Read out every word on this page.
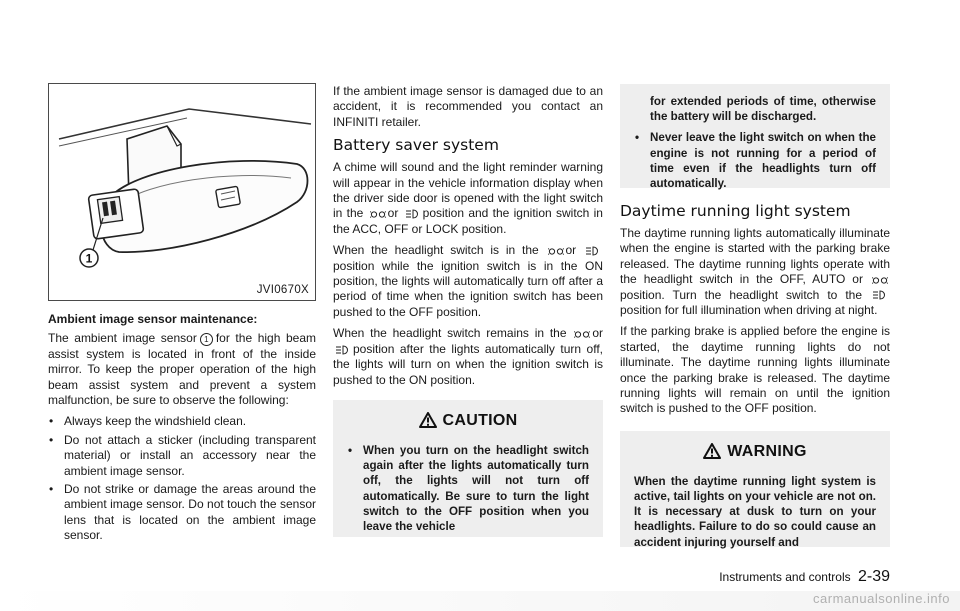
1
JVI0670X
Ambient image sensor maintenance:

The ambient image sensor 1 for the high beam assist system is located in front of the inside mirror. To keep the proper operation of the high beam assist system and prevent a system malfunction, be sure to observe the following:

• Always keep the windshield clean.
• Do not attach a sticker (including transparent material) or install an accessory near the ambient image sensor.
• Do not strike or damage the areas around the ambient image sensor. Do not touch the sensor lens that is located on the ambient image sensor.

If the ambient image sensor is damaged due to an accident, it is recommended you contact an INFINITI retailer.

Battery saver system

A chime will sound and the light reminder warning will appear in the vehicle information display when the driver side door is opened with the light switch in the or position and the ignition switch in the ACC, OFF or LOCK position.

When the headlight switch is in the or position while the ignition switch is in the ON position, the lights will automatically turn off after a period of time when the ignition switch has been pushed to the OFF position.

When the headlight switch remains in the or position after the lights automatically turn off, the lights will turn on when the ignition switch is pushed to the ON position.

CAUTION
• When you turn on the headlight switch again after the lights automatically turn off, the lights will not turn off automatically. Be sure to turn the light switch to the OFF position when you leave the vehicle

for extended periods of time, otherwise the battery will be discharged.

• Never leave the light switch on when the engine is not running for a period of time even if the headlights turn off automatically.
Daytime running light system

The daytime running lights automatically illuminate when the engine is started with the parking brake released. The daytime running lights operate with the headlight switch in the OFF, AUTO or position. Turn the headlight switch to the position for full illumination when driving at night.

If the parking brake is applied before the engine is started, the daytime running lights do not illuminate. The daytime running lights illuminate once the parking brake is released. The daytime running lights will remain on until the ignition switch is pushed to the OFF position.

WARNING

When the daytime running light system is active, tail lights on your vehicle are not on. It is necessary at dusk to turn on your headlights. Failure to do so could cause an accident injuring yourself and

Instruments and controls 2-39
carmanualsonline.info
